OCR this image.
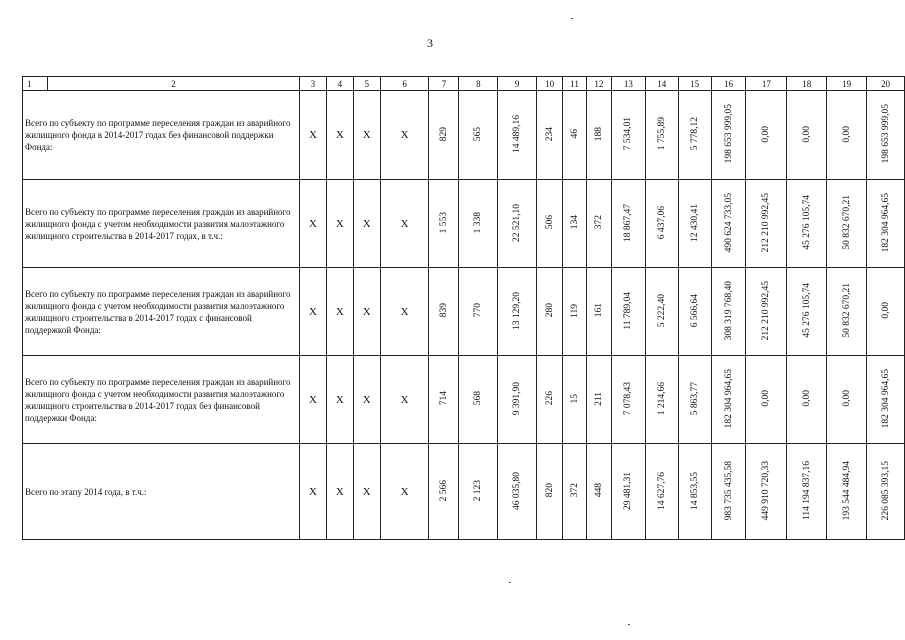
3
1	2	3	4	5	6	7	8	9	10	11	12	13	14	15	16	17	18	19	20
Всего по субъекту по программе переселения граждан из аварийного жилищного фонда в 2014-2017 годах без финансовой поддержки Фонда:		Х	Х	Х	Х	829	565	14 489,16	234	46	188	7 534,01	1 755,89	5 778,12	198 653 999,05	0,00	0,00	0,00	198 653 999,05
Всего по субъекту по программе переселения граждан из аварийного жилищного фонда с учетом необходимости развития малоэтажного жилищного строительства в 2014-2017 годах, в т.ч.:		Х	Х	Х	Х	1 553	1 338	22 521,10	506	134	372	18 867,47	6 437,06	12 430,41	490 624 733,05	212 210 992,45	45 276 105,74	50 832 670,21	182 304 964,65
Всего по субъекту по программе переселения граждан из аварийного жилищного фонда с учетом необходимости развития малоэтажного жилищного строительства в 2014-2017 годах с финансовой поддержкой Фонда:		Х	Х	Х	Х	839	770	13 129,20	280	119	161	11 789,04	5 222,40	6 566,64	308 319 768,40	212 210 992,45	45 276 105,74	50 832 670,21	0,00
Всего по субъекту по программе переселения граждан из аварийного жилищного фонда с учетом необходимости развития малоэтажного жилищного строительства в 2014-2017 годах без финансовой поддержки Фонда:		Х	Х	Х	Х	714	568	9 391,90	226	15	211	7 078,43	1 214,66	5 863,77	182 304 964,65	0,00	0,00	0,00	182 304 964,65
Всего по этапу 2014 года, в т.ч.:		Х	Х	Х	Х	2 566	2 123	46 035,80	820	372	448	29 481,31	14 627,76	14 853,55	983 735 435,58	449 910 720,33	114 194 837,16	193 544 484,94	226 085 393,15
